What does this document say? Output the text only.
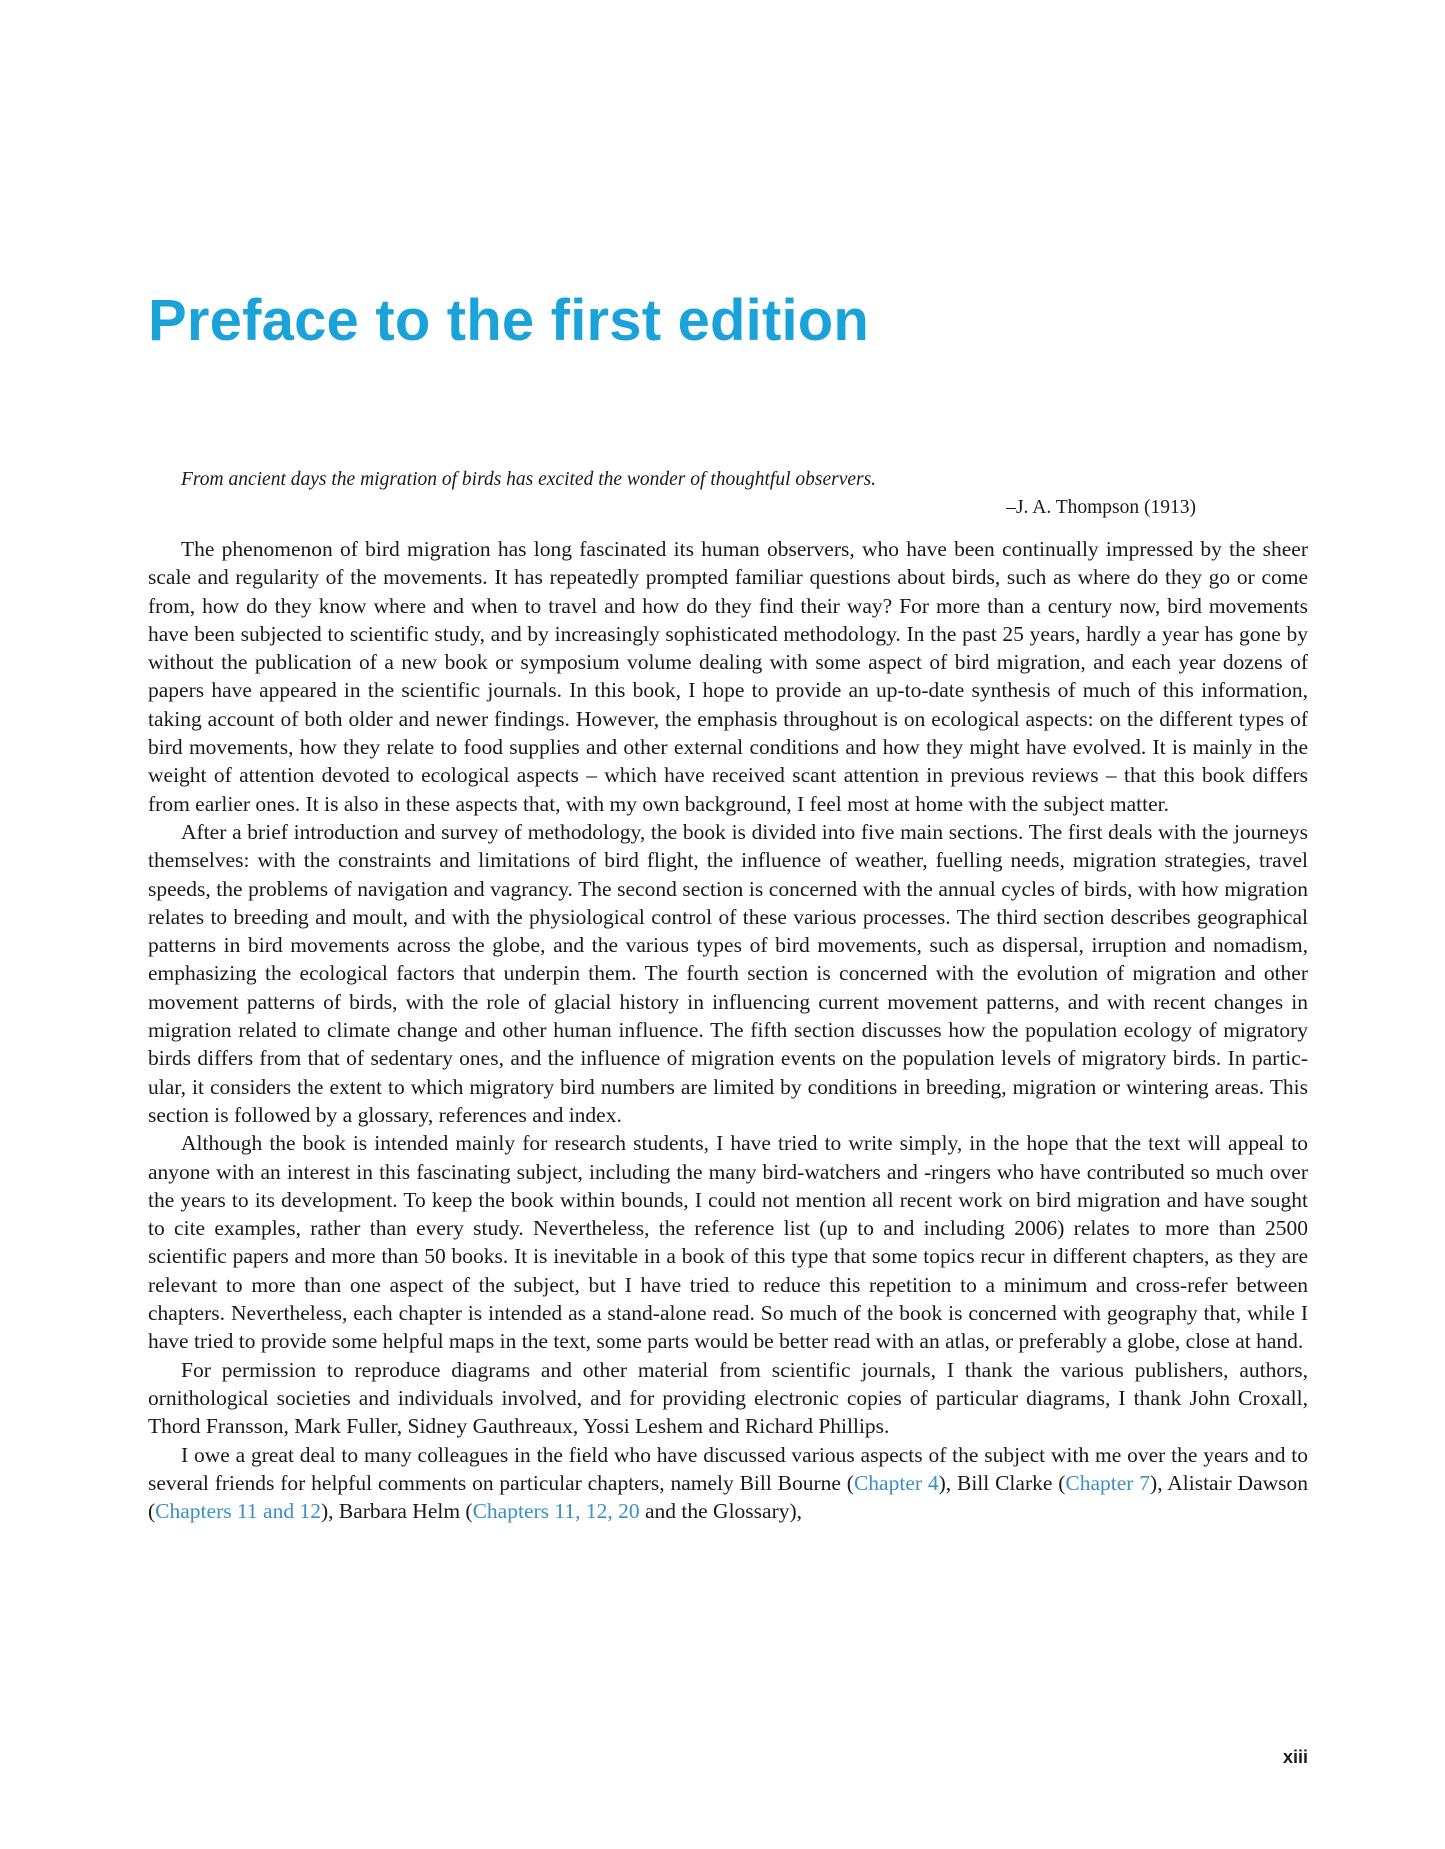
Preface to the first edition

From ancient days the migration of birds has excited the wonder of thoughtful observers.

–J. A. Thompson (1913)

The phenomenon of bird migration has long fascinated its human observers, who have been continually impressed by the sheer scale and regularity of the movements. It has repeatedly prompted familiar questions about birds, such as where do they go or come from, how do they know where and when to travel and how do they find their way? For more than a century now, bird movements have been subjected to scientific study, and by increasingly sophisticated methodology. In the past 25 years, hardly a year has gone by without the publication of a new book or symposium volume dealing with some aspect of bird migration, and each year dozens of papers have appeared in the scientific journals. In this book, I hope to provide an up-to-date synthesis of much of this information, taking account of both older and newer findings. However, the emphasis throughout is on ecological aspects: on the different types of bird movements, how they relate to food supplies and other external conditions and how they might have evolved. It is mainly in the weight of attention devoted to ecological aspects – which have received scant attention in previous reviews – that this book differs from earlier ones. It is also in these aspects that, with my own background, I feel most at home with the subject matter.

After a brief introduction and survey of methodology, the book is divided into five main sections. The first deals with the journeys themselves: with the constraints and limitations of bird flight, the influence of weather, fuelling needs, migration strategies, travel speeds, the problems of navigation and vagrancy. The second section is concerned with the annual cycles of birds, with how migration relates to breeding and moult, and with the physiological control of these various processes. The third section describes geographical patterns in bird movements across the globe, and the various types of bird movements, such as dispersal, irruption and nomadism, emphasizing the ecological factors that underpin them. The fourth section is concerned with the evolution of migration and other movement patterns of birds, with the role of glacial history in influencing current movement patterns, and with recent changes in migration related to climate change and other human influence. The fifth section discusses how the population ecology of migratory birds differs from that of sedentary ones, and the influence of migration events on the population levels of migratory birds. In particular, it considers the extent to which migratory bird numbers are limited by conditions in breeding, migration or wintering areas. This section is followed by a glossary, references and index.

Although the book is intended mainly for research students, I have tried to write simply, in the hope that the text will appeal to anyone with an interest in this fascinating subject, including the many bird-watchers and -ringers who have contributed so much over the years to its development. To keep the book within bounds, I could not mention all recent work on bird migration and have sought to cite examples, rather than every study. Nevertheless, the reference list (up to and including 2006) relates to more than 2500 scientific papers and more than 50 books. It is inevitable in a book of this type that some topics recur in different chapters, as they are relevant to more than one aspect of the subject, but I have tried to reduce this repetition to a minimum and cross-refer between chapters. Nevertheless, each chapter is intended as a stand-alone read. So much of the book is concerned with geography that, while I have tried to provide some helpful maps in the text, some parts would be better read with an atlas, or preferably a globe, close at hand.

For permission to reproduce diagrams and other material from scientific journals, I thank the various publishers, authors, ornithological societies and individuals involved, and for providing electronic copies of particular diagrams, I thank John Croxall, Thord Fransson, Mark Fuller, Sidney Gauthreaux, Yossi Leshem and Richard Phillips.

I owe a great deal to many colleagues in the field who have discussed various aspects of the subject with me over the years and to several friends for helpful comments on particular chapters, namely Bill Bourne (Chapter 4), Bill Clarke (Chapter 7), Alistair Dawson (Chapters 11 and 12), Barbara Helm (Chapters 11, 12, 20 and the Glossary),

xiii
